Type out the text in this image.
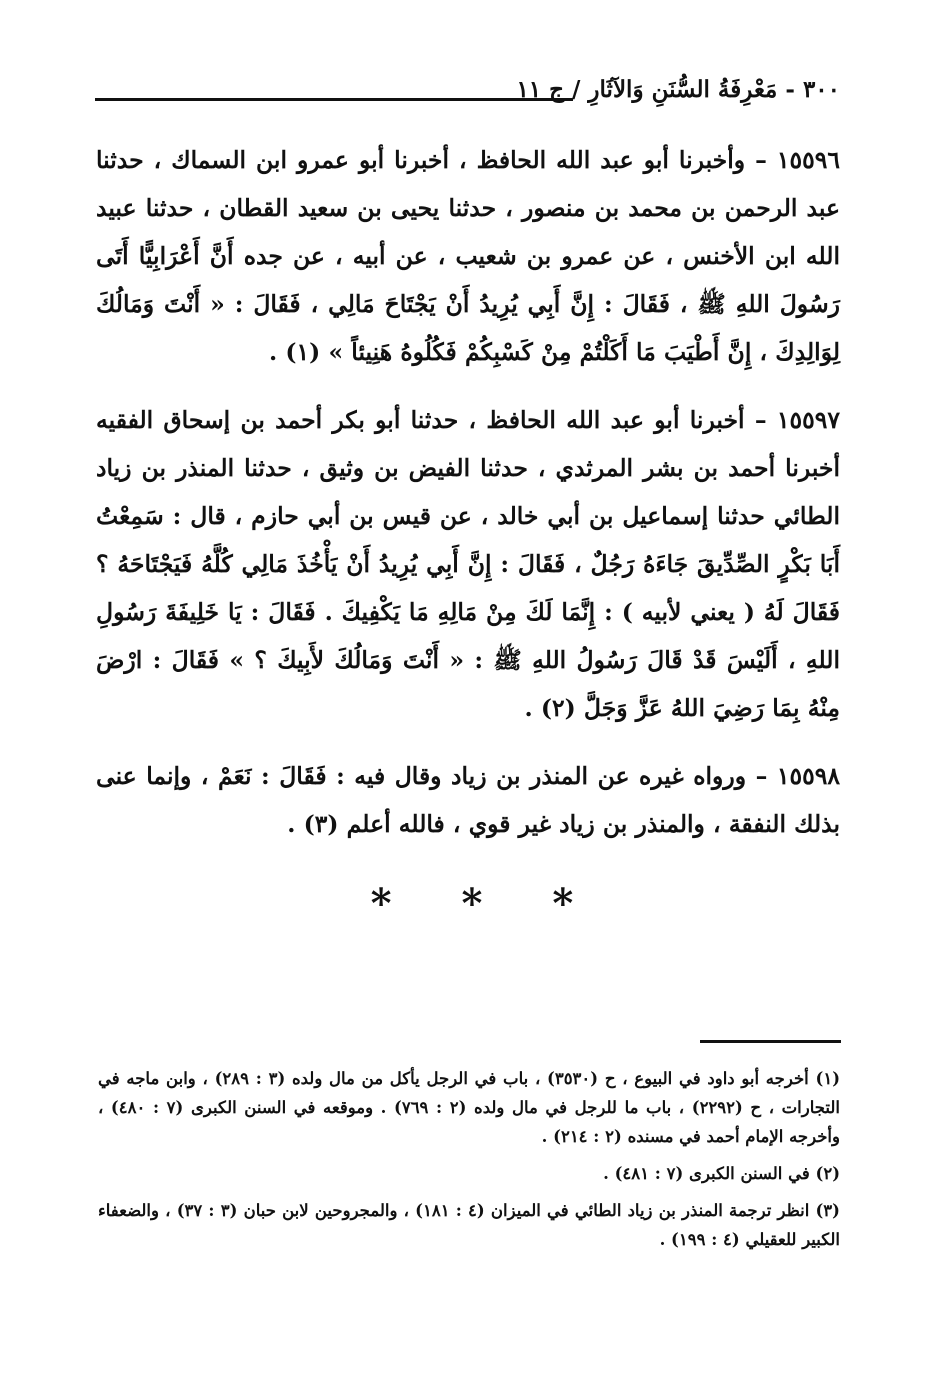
٣٠٠ - مَعْرِفَةُ السُّنَنِ وَالآثَارِ / ج ١١

١٥٥٩٦ – وأخبرنا أبو عبد الله الحافظ ، أخبرنا أبو عمرو ابن السماك ، حدثنا عبد الرحمن بن محمد بن منصور ، حدثنا يحيى بن سعيد القطان ، حدثنا عبيد الله ابن الأخنس ، عن عمرو بن شعيب ، عن أبيه ، عن جده أَنَّ أَعْرَابِيًّا أَتَى رَسُولَ اللهِ ﷺ ، فَقَالَ : إِنَّ أَبِي يُرِيدُ أَنْ يَجْتَاحَ مَالِي ، فَقَالَ : « أَنْتَ وَمَالُكَ لِوَالِدِكَ ، إِنَّ أَطْيَبَ مَا أَكَلْتُمْ مِنْ كَسْبِكُمْ فَكُلُوهُ هَنِيئاً » (١) .

١٥٥٩٧ – أخبرنا أبو عبد الله الحافظ ، حدثنا أبو بكر أحمد بن إسحاق الفقيه أخبرنا أحمد بن بشر المرثدي ، حدثنا الفيض بن وثيق ، حدثنا المنذر بن زياد الطائي حدثنا إسماعيل بن أبي خالد ، عن قيس بن أبي حازم ، قال : سَمِعْتُ أَبَا بَكْرٍ الصِّدِّيقَ جَاءَهُ رَجُلٌ ، فَقَالَ : إِنَّ أَبِي يُرِيدُ أَنْ يَأْخُذَ مَالِي كُلَّهُ فَيَجْتَاحَهُ ؟ فَقَالَ لَهُ ( يعني لأبيه ) : إِنَّمَا لَكَ مِنْ مَالِهِ مَا يَكْفِيكَ . فَقَالَ : يَا خَلِيفَةَ رَسُولِ اللهِ ، أَلَيْسَ قَدْ قَالَ رَسُولُ اللهِ ﷺ : « أَنْتَ وَمَالُكَ لأَبِيكَ ؟ » فَقَالَ : ارْضَ مِنْهُ بِمَا رَضِيَ اللهُ عَزَّ وَجَلَّ (٢) .

١٥٥٩٨ – ورواه غيره عن المنذر بن زياد وقال فيه : فَقَالَ : نَعَمْ ، وإنما عنى بذلك النفقة ، والمنذر بن زياد غير قوي ، فالله أعلم (٣) .

* * *

(١) أخرجه أبو داود في البيوع ، ح (٣٥٣٠) ، باب في الرجل يأكل من مال ولده (٣ : ٢٨٩) ، وابن ماجه في التجارات ، ح (٢٢٩٢) ، باب ما للرجل في مال ولده (٢ : ٧٦٩) . وموقعه في السنن الكبرى (٧ : ٤٨٠) ، وأخرجه الإمام أحمد في مسنده (٢ : ٢١٤) .

(٢) في السنن الكبرى (٧ : ٤٨١) .

(٣) انظر ترجمة المنذر بن زياد الطائي في الميزان (٤ : ١٨١) ، والمجروحين لابن حبان (٣ : ٣٧) ، والضعفاء الكبير للعقيلي (٤ : ١٩٩) .
